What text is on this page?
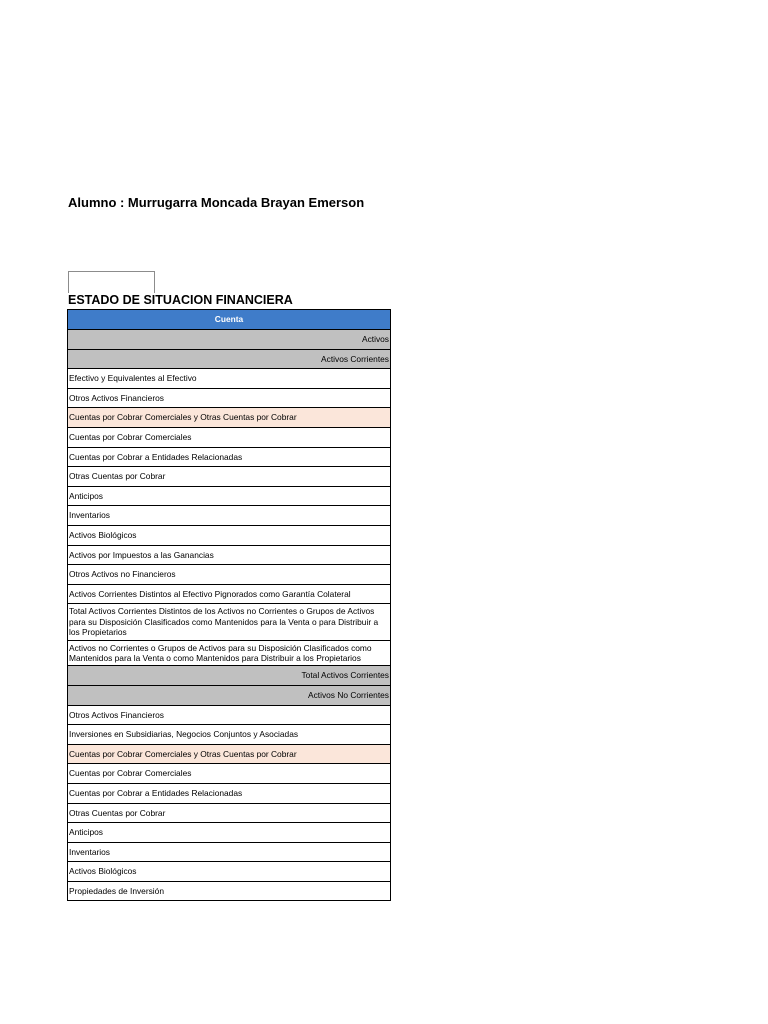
Alumno : Murrugarra Moncada Brayan Emerson
ESTADO DE SITUACION FINANCIERA
Cuenta
Activos
Activos Corrientes
Efectivo y Equivalentes al Efectivo
Otros Activos Financieros
Cuentas por Cobrar Comerciales y Otras Cuentas por Cobrar
Cuentas por Cobrar Comerciales
Cuentas por Cobrar a Entidades Relacionadas
Otras Cuentas por Cobrar
Anticipos
Inventarios
Activos Biológicos
Activos por Impuestos a las Ganancias
Otros Activos no Financieros
Activos Corrientes Distintos al Efectivo Pignorados como Garantía Colateral
Total Activos Corrientes Distintos de los Activos no Corrientes o Grupos de Activos para su Disposición Clasificados como Mantenidos para la Venta o para Distribuir a los Propietarios
Activos no Corrientes o Grupos de Activos para su Disposición Clasificados como Mantenidos para la Venta o como Mantenidos para Distribuir a los Propietarios
Total Activos Corrientes
Activos No Corrientes
Otros Activos Financieros
Inversiones en Subsidiarias, Negocios Conjuntos y Asociadas
Cuentas por Cobrar Comerciales y Otras Cuentas por Cobrar
Cuentas por Cobrar Comerciales
Cuentas por Cobrar a Entidades Relacionadas
Otras Cuentas por Cobrar
Anticipos
Inventarios
Activos Biológicos
Propiedades de Inversión
